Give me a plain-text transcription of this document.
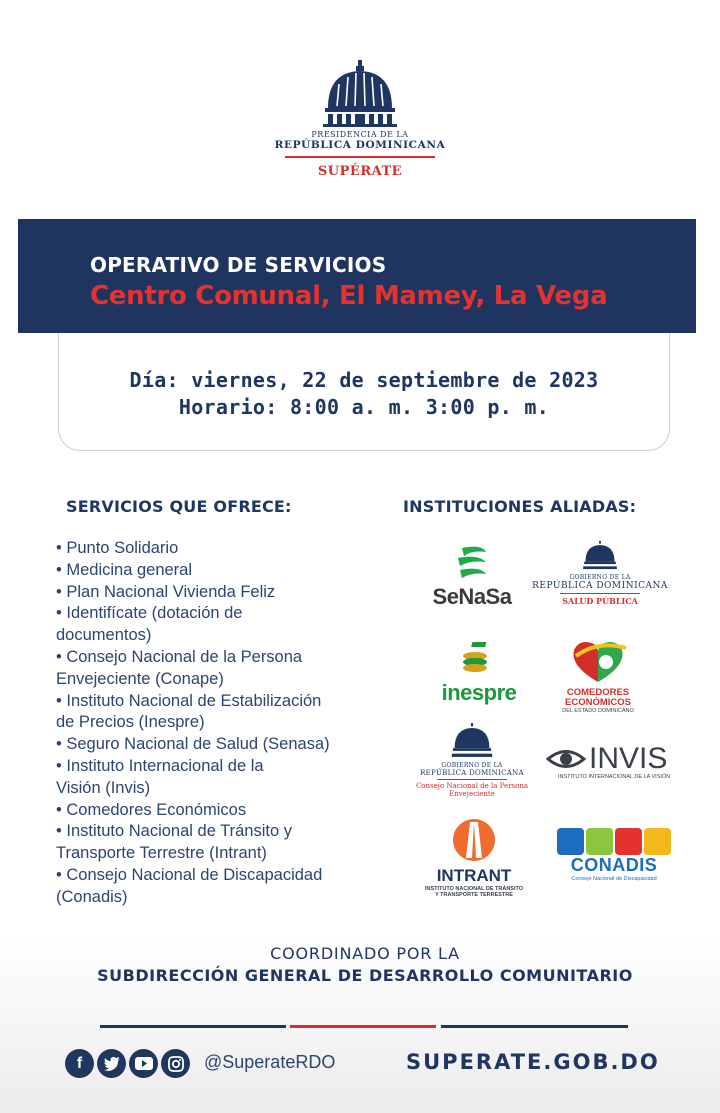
PRESIDENCIA DE LA
REPÚBLICA DOMINICANA
SUPÉRATE
OPERATIVO DE SERVICIOS
Centro Comunal, El Mamey, La Vega
Día: viernes, 22 de septiembre de 2023
Horario: 8:00 a. m. 3:00 p. m.
SERVICIOS QUE OFRECE:	INSTITUCIONES ALIADAS:
• Punto Solidario
• Medicina general
• Plan Nacional Vivienda Feliz
• Identifícate (dotación de
documentos)
• Consejo Nacional de la Persona
Envejeciente (Conape)
• Instituto Nacional de Estabilización
de Precios (Inespre)
• Seguro Nacional de Salud (Senasa)
• Instituto Internacional de la
Visión (Invis)
• Comedores Económicos
• Instituto Nacional de Tránsito y
Transporte Terrestre (Intrant)
• Consejo Nacional de Discapacidad
(Conadis)
SeNaSa
GOBIERNO DE LA
REPÚBLICA DOMINICANA
SALUD PÚBLICA
inespre	COMEDORES
ECONÓMICOS
DEL ESTADO DOMINICANO
GOBIERNO DE LA
REPÚBLICA DOMINICANA
Consejo Nacional de la Persona
Envejeciente
INVIS
INSTITUTO INTERNACIONAL DE LA VISIÓN
INTRANT
INSTITUTO NACIONAL DE TRÁNSITO
Y TRANSPORTE TERRESTRE
CONADIS
Consejo Nacional de Discapacidad
COORDINADO POR LA
SUBDIRECCIÓN GENERAL DE DESARROLLO COMUNITARIO
f	@SuperateRDO	SUPERATE.GOB.DO
